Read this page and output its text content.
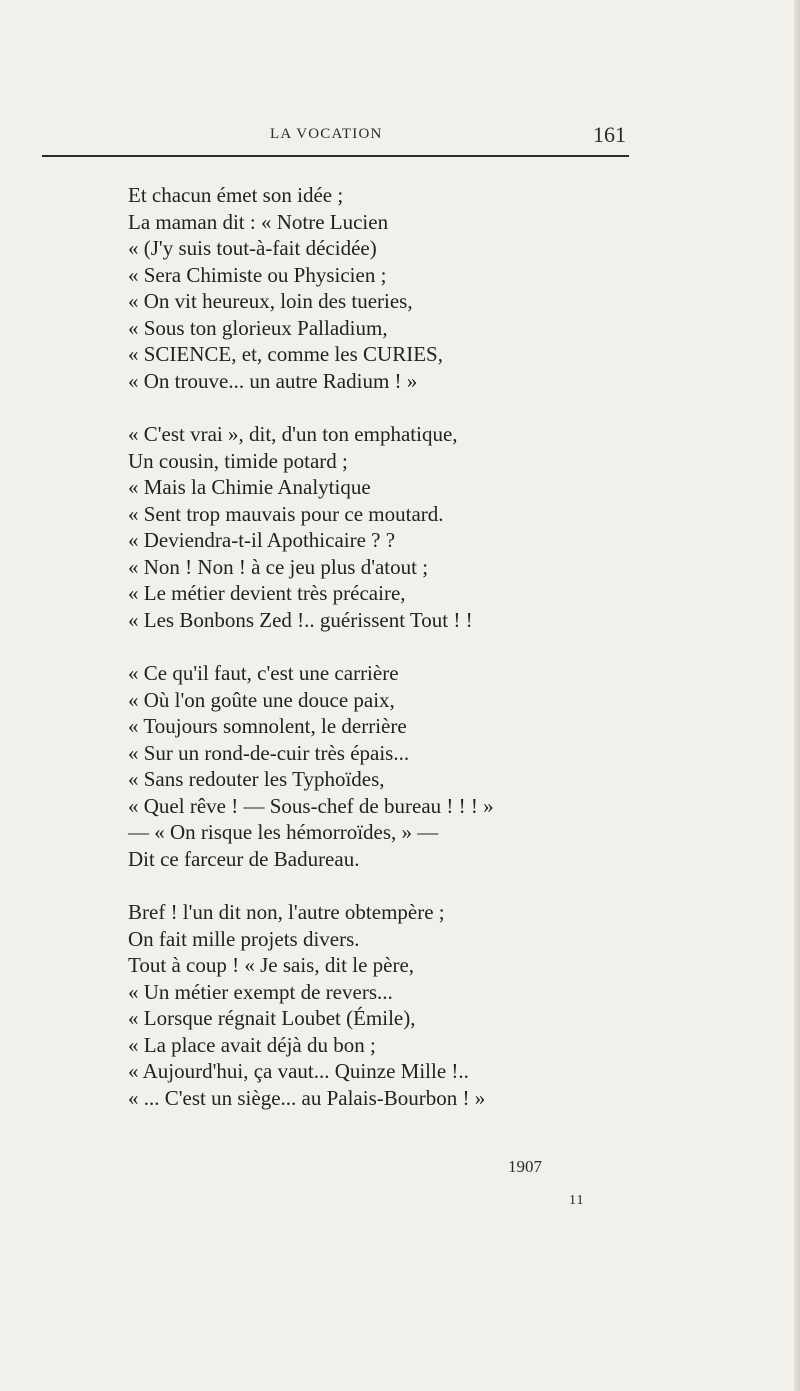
LA VOCATION	161
Et chacun émet son idée ;
La maman dit : « Notre Lucien
« (J'y suis tout-à-fait décidée)
« Sera Chimiste ou Physicien ;
« On vit heureux, loin des tueries,
« Sous ton glorieux Palladium,
« SCIENCE, et, comme les CURIES,
« On trouve... un autre Radium ! »
« C'est vrai », dit, d'un ton emphatique,
Un cousin, timide potard ;
« Mais la Chimie Analytique
« Sent trop mauvais pour ce moutard.
« Deviendra-t-il Apothicaire ? ?
« Non ! Non ! à ce jeu plus d'atout ;
« Le métier devient très précaire,
« Les Bonbons Zed !.. guérissent Tout ! !
« Ce qu'il faut, c'est une carrière
« Où l'on goûte une douce paix,
« Toujours somnolent, le derrière
« Sur un rond-de-cuir très épais...
« Sans redouter les Typhoïdes,
« Quel rêve ! — Sous-chef de bureau ! ! ! »
— « On risque les hémorroïdes, » —
Dit ce farceur de Badureau.
Bref ! l'un dit non, l'autre obtempère ;
On fait mille projets divers.
Tout à coup ! « Je sais, dit le père,
« Un métier exempt de revers...
« Lorsque régnait Loubet (Émile),
« La place avait déjà du bon ;
« Aujourd'hui, ça vaut... Quinze Mille !..
« ... C'est un siège... au Palais-Bourbon ! »
1907
11
